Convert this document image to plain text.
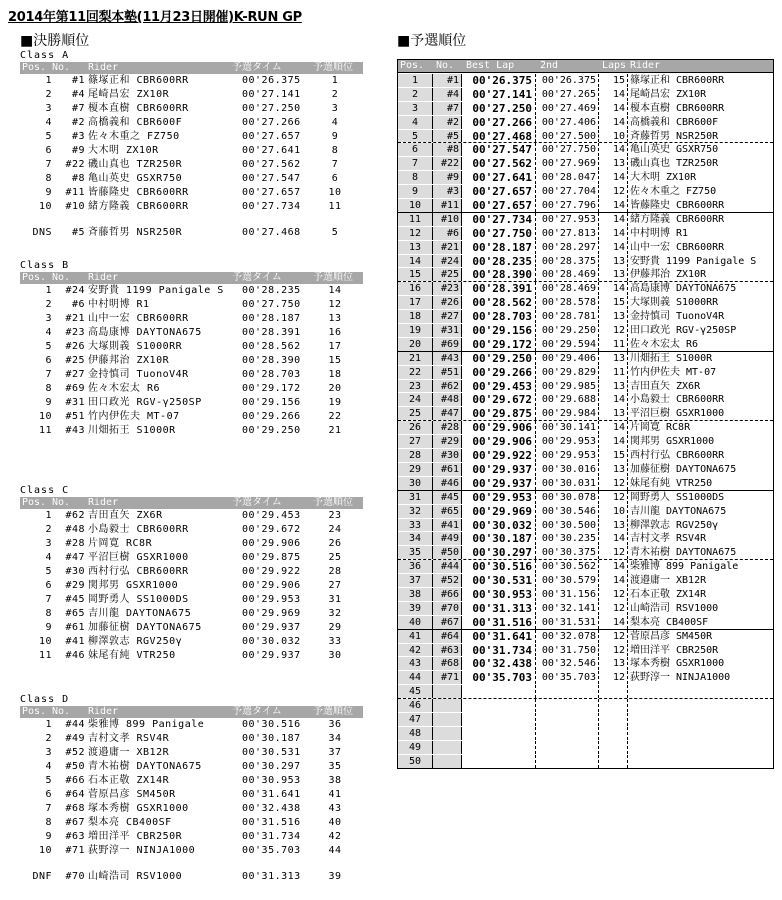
2014年第11回梨本塾(11月23日開催)K-RUN GP
■決勝順位	■予選順位
Class A
Pos. No. Rider	予選タイム	予選順位
1 #1 篠塚正和 CBR600RR	00'26.375	1
2 #4 尾崎昌宏 ZX10R	00'27.141	2
3 #7 榎本直樹 CBR600RR	00'27.250	3
4 #2 高橋義和 CBR600F	00'27.266	4
5 #3 佐々木重之 FZ750	00'27.657	9
6 #9 大木明 ZX10R	00'27.641	8
7 #22 磯山真也 TZR250R	00'27.562	7
8 #8 亀山英史 GSXR750	00'27.547	6
9 #11 皆藤隆史 CBR600RR	00'27.657	10
10 #10 緒方隆義 CBR600RR	00'27.734	11
DNS #5 斉藤哲男 NSR250R	00'27.468	5
Class B
Pos. No. Rider	予選タイム	予選順位
1 #24 安野貴 1199 Panigale S 00'28.235	14
2 #6 中村明博 R1	00'27.750	12
3 #21 山中一宏 CBR600RR	00'28.187	13
4 #23 高島康博 DAYTONA675	00'28.391	16
5 #26 大塚則義 S1000RR	00'28.562	17
6 #25 伊藤邦治 ZX10R	00'28.390	15
7 #27 金持慎司 TuonoV4R	00'28.703	18
8 #69 佐々木宏太 R6	00'29.172	20
9 #31 田口政光 RGV-γ250SP	00'29.156	19
10 #51 竹内伊佐夫 MT-07	00'29.266	22
11 #43 川畑拓王 S1000R	00'29.250	21
Class C
Pos. No. Rider	予選タイム	予選順位
1 #62 吉田直矢 ZX6R	00'29.453	23
2 #48 小島毅士 CBR600RR	00'29.672	24
3 #28 片岡寛 RC8R	00'29.906	26
4 #47 平沼巨樹 GSXR1000	00'29.875	25
5 #30 西村行弘 CBR600RR	00'29.922	28
6 #29 関邦男 GSXR1000	00'29.906	27
7 #45 岡野勇人 SS1000DS	00'29.953	31
8 #65 吉川龍 DAYTONA675	00'29.969	32
9 #61 加藤征樹 DAYTONA675	00'29.937	29
10 #41 柳澤敦志 RGV250γ	00'30.032	33
11 #46 妹尾有純 VTR250	00'29.937	30
Class D
Pos. No. Rider	予選タイム	予選順位
1 #44 柴雅博 899 Panigale	00'30.516	36
2 #49 吉村文孝 RSV4R	00'30.187	34
3 #52 渡邉庸一 XB12R	00'30.531	37
4 #50 青木祐樹 DAYTONA675	00'30.297	35
5 #66 石本正敬 ZX14R	00'30.953	38
6 #64 菅原昌彦 SM450R	00'31.641	41
7 #68 塚本秀樹 GSXR1000	00'32.438	43
8 #67 梨本亮 CB400SF	00'31.516	40
9 #63 増田洋平 CBR250R	00'31.734	42
10 #71 荻野淳一 NINJA1000	00'35.703	44
DNF #70 山崎浩司 RSV1000	00'31.313	39
Pos. No. Best Lap	2nd	Laps Rider
1	#1	00'26.375 00'26.375	15 篠塚正和 CBR600RR
2	#4	00'27.141 00'27.265	14 尾崎昌宏 ZX10R
3	#7	00'27.250 00'27.469	14 榎本直樹 CBR600RR
4	#2	00'27.266 00'27.406	14 高橋義和 CBR600F
5	#5	00'27.468 00'27.500	10 斉藤哲男 NSR250R
6	#8	00'27.547 00'27.750	14 亀山英史 GSXR750
7	#22	00'27.562 00'27.969	13 磯山真也 TZR250R
8	#9	00'27.641 00'28.047	14 大木明 ZX10R
9	#3	00'27.657 00'27.704	12 佐々木重之 FZ750
10	#11	00'27.657 00'27.796	14 皆藤隆史 CBR600RR
11	#10	00'27.734 00'27.953	14 緒方隆義 CBR600RR
12	#6	00'27.750 00'27.813	14 中村明博 R1
13	#21	00'28.187 00'28.297	14 山中一宏 CBR600RR
14	#24	00'28.235 00'28.375	13 安野貴 1199 Panigale S
15	#25	00'28.390 00'28.469	13 伊藤邦治 ZX10R
16	#23	00'28.391 00'28.469	14 高島康博 DAYTONA675
17	#26	00'28.562 00'28.578	15 大塚則義 S1000RR
18	#27	00'28.703 00'28.781	13 金持慎司 TuonoV4R
19	#31	00'29.156 00'29.250	12 田口政光 RGV-γ250SP
20	#69	00'29.172 00'29.594	11 佐々木宏太 R6
21	#43	00'29.250 00'29.406	13 川畑拓王 S1000R
22	#51	00'29.266 00'29.829	11 竹内伊佐夫 MT-07
23	#62	00'29.453 00'29.985	13 吉田直矢 ZX6R
24	#48	00'29.672 00'29.688	14 小島毅士 CBR600RR
25	#47	00'29.875 00'29.984	13 平沼巨樹 GSXR1000
26	#28	00'29.906 00'30.141	14 片岡寛 RC8R
27	#29	00'29.906 00'29.953	14 関邦男 GSXR1000
28	#30	00'29.922 00'29.953	15 西村行弘 CBR600RR
29	#61	00'29.937 00'30.016	13 加藤征樹 DAYTONA675
30	#46	00'29.937 00'30.031	12 妹尾有純 VTR250
31	#45	00'29.953 00'30.078	12 岡野勇人 SS1000DS
32	#65	00'29.969 00'30.546	10 吉川龍 DAYTONA675
33	#41	00'30.032 00'30.500	13 柳澤敦志 RGV250γ
34	#49	00'30.187 00'30.235	14 吉村文孝 RSV4R
35	#50	00'30.297 00'30.375	12 青木祐樹 DAYTONA675
36	#44	00'30.516 00'30.562	14 柴雅博 899 Panigale
37	#52	00'30.531 00'30.579	14 渡邉庸一 XB12R
38	#66	00'30.953 00'31.156	12 石本正敬 ZX14R
39	#70	00'31.313 00'32.141	12 山崎浩司 RSV1000
40	#67	00'31.516 00'31.531	14 梨本亮 CB400SF
41	#64	00'31.641 00'32.078	12 菅原昌彦 SM450R
42	#63	00'31.734 00'31.750	12 増田洋平 CBR250R
43	#68	00'32.438 00'32.546	13 塚本秀樹 GSXR1000
44	#71	00'35.703 00'35.703	12 荻野淳一 NINJA1000
45
46
47
48
49
50
